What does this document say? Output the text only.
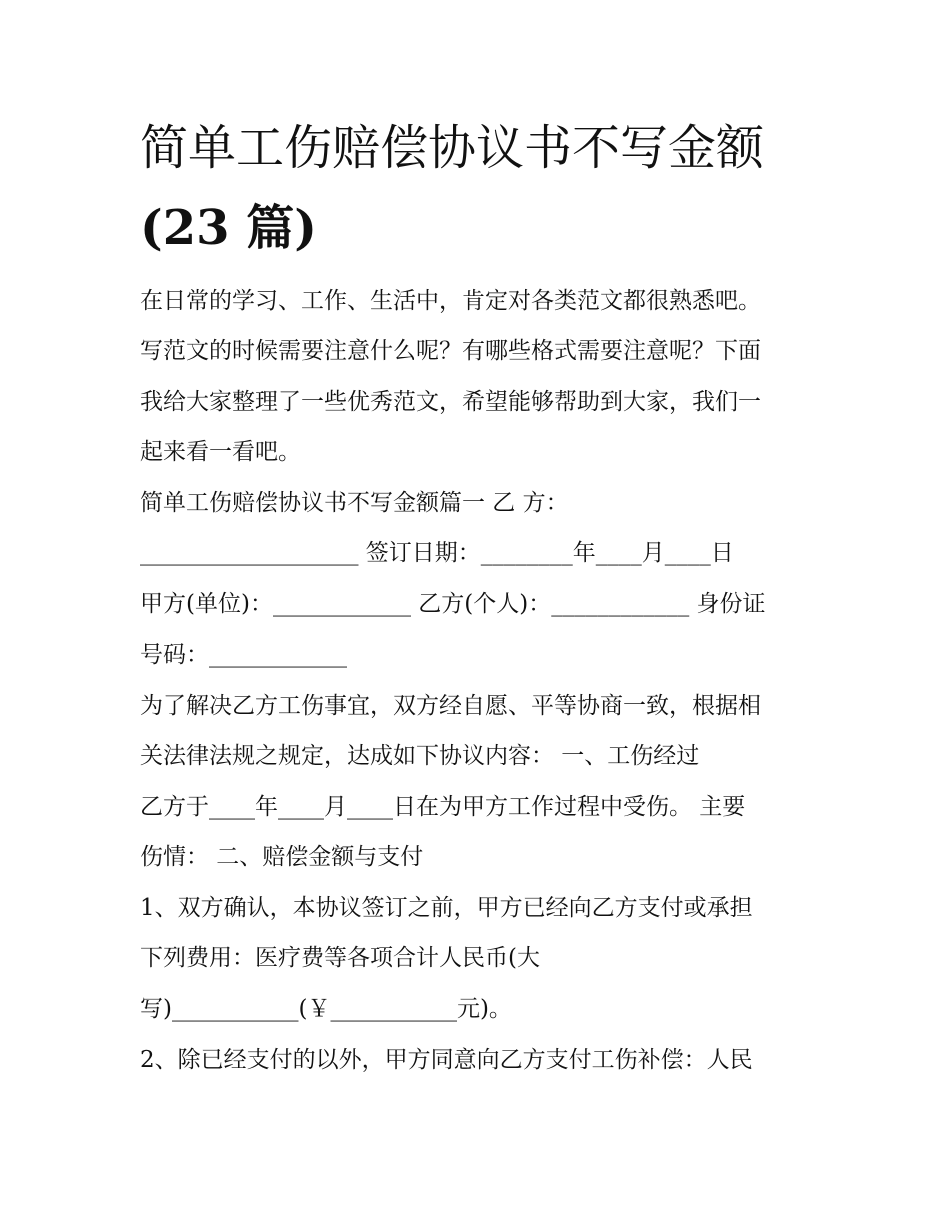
简单工伤赔偿协议书不写金额
(23 篇)

在日常的学习、工作、生活中，肯定对各类范文都很熟悉吧。

写范文的时候需要注意什么呢？有哪些格式需要注意呢？下面

我给大家整理了一些优秀范文，希望能够帮助到大家，我们一

起来看一看吧。

简单工伤赔偿协议书不写金额篇一 乙 方：

___________________ 签订日期：________年____月____日

甲方(单位)：____________ 乙方(个人)：____________ 身份证

号码：____________

为了解决乙方工伤事宜，双方经自愿、平等协商一致，根据相

关法律法规之规定，达成如下协议内容： 一、工伤经过

乙方于____年____月____日在为甲方工作过程中受伤。 主要

伤情： 二、赔偿金额与支付

1、双方确认，本协议签订之前，甲方已经向乙方支付或承担

下列费用：医疗费等各项合计人民币(大

写)___________(￥___________元)。

2、除已经支付的以外，甲方同意向乙方支付工伤补偿：人民
